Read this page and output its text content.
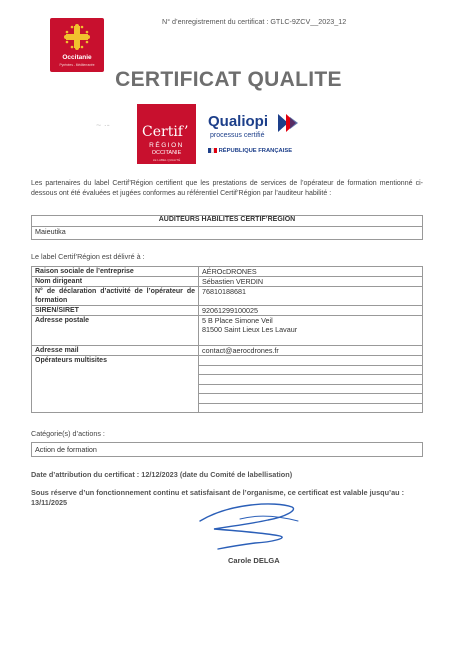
Occitanie
Pyrénées - Méditerranée
N° d’enregistrement du certificat : GTLC-9ZCV__2023_12
CERTIFICAT QUALITE
Certif’
RÉGION
OCCITANIE
LE LABEL QUALITÉ
~ ·-	Qualiopi
processus certifié
RÉPUBLIQUE FRANÇAISE
Les partenaires du label Certif’Région certifient que les prestations de services de l’opérateur de formation mentionné ci-dessous ont été évaluées et jugées conformes au référentiel Certif’Région par l’auditeur habilité :
AUDITEURS HABILITES CERTIF’REGION
Maieutika
Le label Certif’Région est délivré à :
Raison sociale de l’entreprise	AÉROcDRONES
Nom dirigeant	Sébastien VERDIN
N° de déclaration d’activité de l’opérateur de formation	76810188681
SIREN/SIRET	92061299100025
Adresse postale	5 B Place Simone Veil
81500 Saint Lieux Les Lavaur

Adresse mail	contact@aerocdrones.fr
Opérateurs multisites	

Catégorie(s) d’actions :
Action de formation
Date d’attribution du certificat : 12/12/2023 (date du Comité de labellisation)
Sous réserve d’un fonctionnement continu et satisfaisant de l’organisme, ce certificat est valable jusqu’au : 13/11/2025
Carole DELGA
